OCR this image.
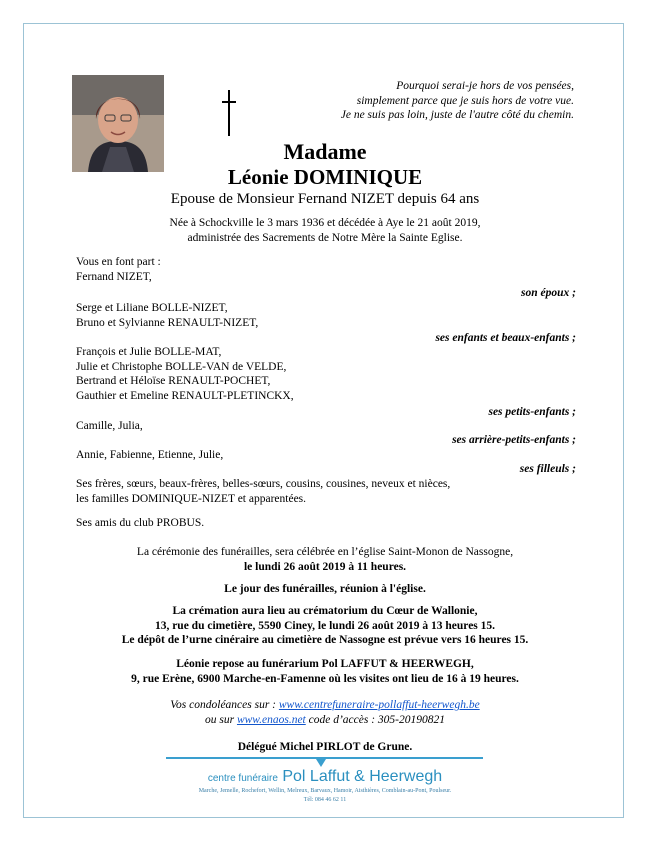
Pourquoi serai-je hors de vos pensées,
simplement parce que je suis hors de votre vue.
Je ne suis pas loin, juste de l'autre côté du chemin.
Madame
Léonie DOMINIQUE
Epouse de Monsieur Fernand NIZET depuis 64 ans
Née à Schockville le 3 mars 1936 et décédée à Aye le 21 août 2019,
administrée des Sacrements de Notre Mère la Sainte Eglise.
Vous en font part :
Fernand NIZET,
son époux ;
Serge et Liliane BOLLE-NIZET,
Bruno et Sylvianne RENAULT-NIZET,
ses enfants et beaux-enfants ;
François et Julie BOLLE-MAT,
Julie et Christophe BOLLE-VAN de VELDE,
Bertrand et Héloïse RENAULT-POCHET,
Gauthier et Emeline RENAULT-PLETINCKX,
ses petits-enfants ;
Camille, Julia,
ses arrière-petits-enfants ;
Annie, Fabienne, Etienne, Julie,
ses filleuls ;
Ses frères, sœurs, beaux-frères, belles-sœurs, cousins, cousines, neveux et nièces,
les familles DOMINIQUE-NIZET et apparentées.
Ses amis du club PROBUS.
La cérémonie des funérailles, sera célébrée en l’église Saint-Monon de Nassogne,
le lundi 26 août 2019 à 11 heures.
Le jour des funérailles, réunion à l'église.
La crémation aura lieu au crématorium du Cœur de Wallonie,
13, rue du cimetière, 5590 Ciney, le lundi 26 août 2019 à 13 heures 15.
Le dépôt de l’urne cinéraire au cimetière de Nassogne est prévue vers 16 heures 15.
Léonie repose au funérarium Pol LAFFUT & HEERWEGH,
9, rue Erène, 6900 Marche-en-Famenne où les visites ont lieu de 16 à 19 heures.
Vos condoléances sur : www.centrefuneraire-pollaffut-heerwegh.be
ou sur www.enaos.net code d’accès : 305-20190821
Délégué Michel PIRLOT de Grune.
centre funéraire Pol Laffut & Heerwegh
Marche, Jemelle, Rochefort, Wellin, Melreux, Barvaux, Hamoir, Aisthières, Comblain-au-Pont, Poulseur.
Tél: 084 46 62 11
